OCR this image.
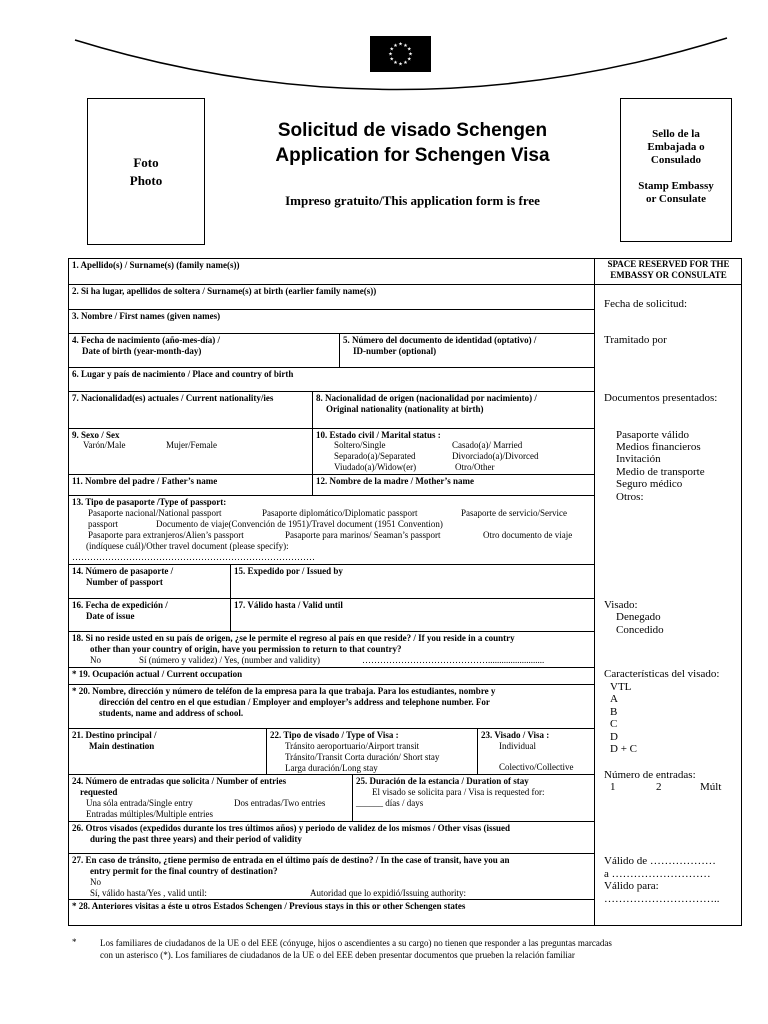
★ ★
★
★
★
★
★
★
★
★
★
★
Foto
Photo
Solicitud de visado Schengen
Application for Schengen Visa
Impreso gratuito/This application form is free
Sello de la
Embajada o
Consulado
Stamp Embassy
or Consulate
1. Apellido(s) / Surname(s) (family name(s))
2. Si ha lugar, apellidos de soltera / Surname(s) at birth (earlier family name(s))
3. Nombre / First names (given names)
4. Fecha de nacimiento (año-mes-día) /
Date of birth (year-month-day)
5. Número del documento de identidad (optativo) /
ID-number (optional)
6. Lugar y país de nacimiento / Place and country of birth
7. Nacionalidad(es) actuales / Current nationality/ies	8. Nacionalidad de origen (nacionalidad por nacimiento) /
Original nationality (nationality at birth)
9. Sexo / Sex
Varón/Male	Mujer/Female
10. Estado civil / Marital status :
Soltero/Single	Casado(a)/ Married
Separado(a)/Separated	Divorciado(a)/Divorced
Viudado(a)/Widow(er)	Otro/Other
11. Nombre del padre / Father’s name	12. Nombre de la madre / Mother’s name
13. Tipo de pasaporte /Type of passport:
Pasaporte nacional/National passport	Pasaporte diplomático/Diplomatic passport	Pasaporte de servicio/Service
passport	Documento de viaje(Convención de 1951)/Travel document (1951 Convention)
Pasaporte para extranjeros/Alien’s passport	Pasaporte para marinos/ Seaman’s passport	Otro documento de viaje
(indíquese cuál)/Other travel document (please specify):
………………………………………………………………………
14. Número de pasaporte /
Number of passport
15. Expedido por / Issued by
16. Fecha de expedición /
Date of issue
17. Válido hasta / Valid until
18. Si no reside usted en su país de origen, ¿se le permite el regreso al país en que reside? / If you reside in a country
other than your country of origin, have you permission to return to that country?
No	Sí (número y validez) / Yes, (number and validity)	…………………………………….........................
* 19. Ocupación actual / Current occupation
* 20. Nombre, dirección y número de teléfon de la empresa para la que trabaja. Para los estudiantes, nombre y
dirección del centro en el que estudian / Employer and employer’s address and telephone number. For
students, name and address of school.
21. Destino principal /
Main destination
22. Tipo de visado / Type of Visa :
Tránsito aeroportuario/Airport transit
Tránsito/Transit Corta duración/ Short stay
Larga duración/Long stay
23. Visado / Visa :
Individual
Colectivo/Collective
24. Número de entradas que solicita / Number of entries
requested
Una sóla entrada/Single entry	Dos entradas/Two entries
Entradas múltiples/Multiple entries
25. Duración de la estancia / Duration of stay
El visado se solicita para / Visa is requested for:
______ días / days
26. Otros visados (expedidos durante los tres últimos años) y periodo de validez de los mismos / Other visas (issued
during the past three years) and their period of validity
27. En caso de tránsito, ¿tiene permiso de entrada en el último país de destino? / In the case of transit, have you an
entry permit for the final country of destination?
No
Sí, válido hasta/Yes , valid until:	Autoridad que lo expidió/Issuing authority:
* 28. Anteriores visitas a éste u otros Estados Schengen / Previous stays in this or other Schengen states
SPACE RESERVED FOR THE
EMBASSY OR CONSULATE
Fecha de solicitud:
Tramitado por
Documentos presentados:
Pasaporte válido
Medios financieros
Invitación
Medio de transporte
Seguro médico
Otros:
Visado:
Denegado
Concedido
Características del visado:
VTL
A
B
C
D
D + C
Número de entradas:
1	2	Múlt
Válido de ………………
a ………………………
Válido para:
…………………………..
*	Los familiares de ciudadanos de la UE o del EEE (cónyuge, hijos o ascendientes a su cargo) no tienen que responder a las preguntas marcadas
con un asterisco (*). Los familiares de ciudadanos de la UE o del EEE deben presentar documentos que prueben la relación familiar
